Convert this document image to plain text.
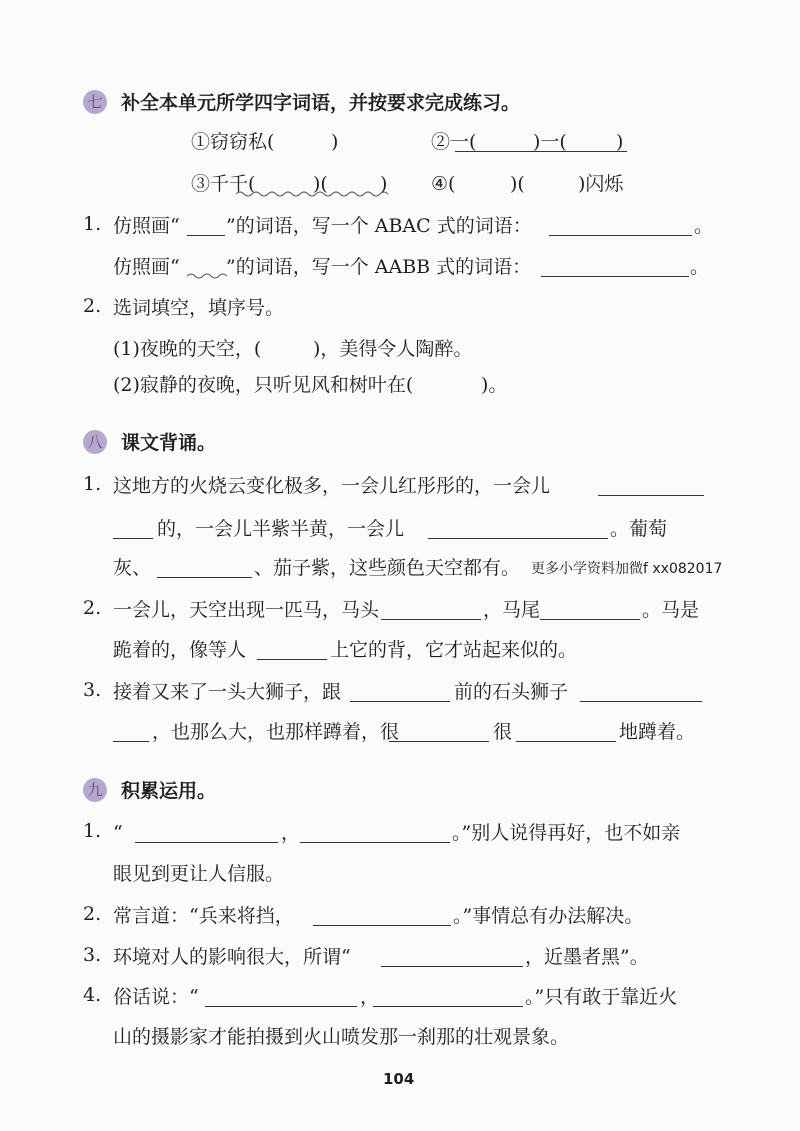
七 补全本单元所学四字词语，并按要求完成练习。
①窃窃私(	)	②一(	)一(	)
③千千(	)(	) ④(	)(	)闪烁
1. 仿照画“ ”的词语，写一个 ABAC 式的词语：	。
仿照画“ ”的词语，写一个 AABB 式的词语：	。
2. 选词填空，填序号。
(1)夜晚的天空，(	)，美得令人陶醉。
(2)寂静的夜晚，只听见风和树叶在(	)。
八 课文背诵。
1. 这地方的火烧云变化极多，一会儿红彤彤的，一会儿
的，一会儿半紫半黄，一会儿	。葡萄
灰、	、茄子紫，这些颜色天空都有。 更多小学资料加微f xx082017
2. 一会儿，天空出现一匹马，马头	，马尾	。马是
跪着的，像等人	上它的背，它才站起来似的。
3. 接着又来了一头大狮子，跟	前的石头狮子
，也那么大，也那样蹲着，很	很	地蹲着。
九 积累运用。
1. “	，	。”别人说得再好，也不如亲
眼见到更让人信服。
2. 常言道：“兵来将挡，	。”事情总有办法解决。
3. 环境对人的影响很大，所谓“	，近墨者黑”。
4. 俗话说：“	，	。”只有敢于靠近火
山的摄影家才能拍摄到火山喷发那一刹那的壮观景象。
104
